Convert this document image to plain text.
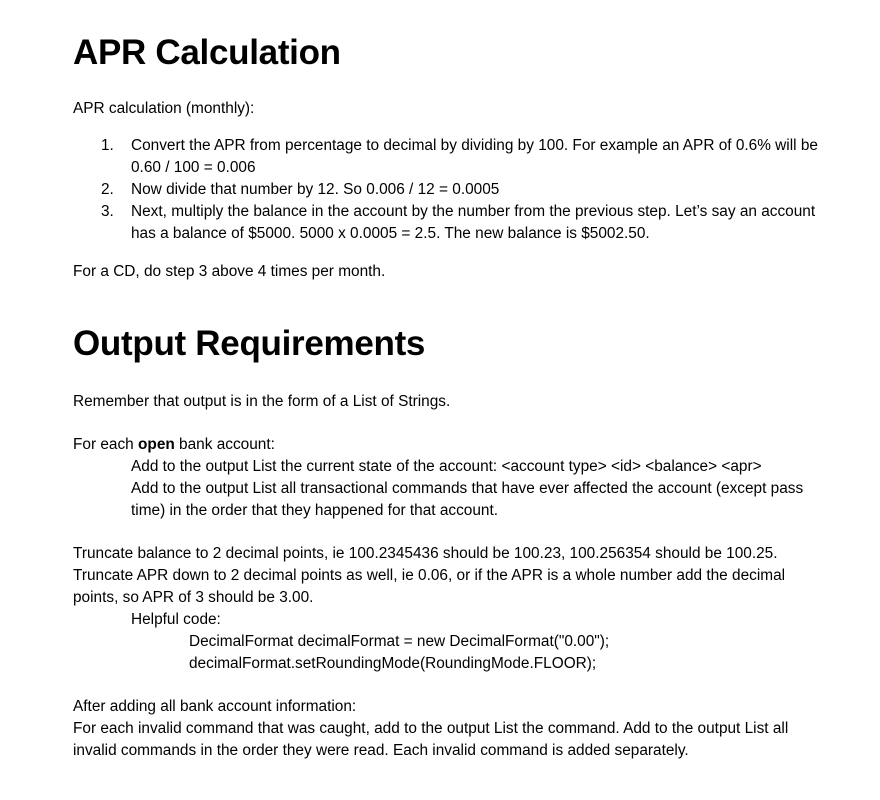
APR Calculation

APR calculation (monthly):

1. Convert the APR from percentage to decimal by dividing by 100. For example an APR of 0.6% will be 0.60 / 100 = 0.006
2. Now divide that number by 12. So 0.006 / 12 = 0.0005
3. Next, multiply the balance in the account by the number from the previous step. Let’s say an account has a balance of $5000. 5000 x 0.0005 = 2.5. The new balance is $5002.50.

For a CD, do step 3 above 4 times per month.

Output Requirements

Remember that output is in the form of a List of Strings.

For each open bank account:

Add to the output List the current state of the account: <account type> <id> <balance> <apr>
Add to the output List all transactional commands that have ever affected the account (except pass time) in the order that they happened for that account.

Truncate balance to 2 decimal points, ie 100.2345436 should be 100.23, 100.256354 should be 100.25. Truncate APR down to 2 decimal points as well, ie 0.06, or if the APR is a whole number add the decimal points, so APR of 3 should be 3.00.

Helpful code:
DecimalFormat decimalFormat = new DecimalFormat("0.00");
decimalFormat.setRoundingMode(RoundingMode.FLOOR);

After adding all bank account information:

For each invalid command that was caught, add to the output List the command. Add to the output List all invalid commands in the order they were read. Each invalid command is added separately.
